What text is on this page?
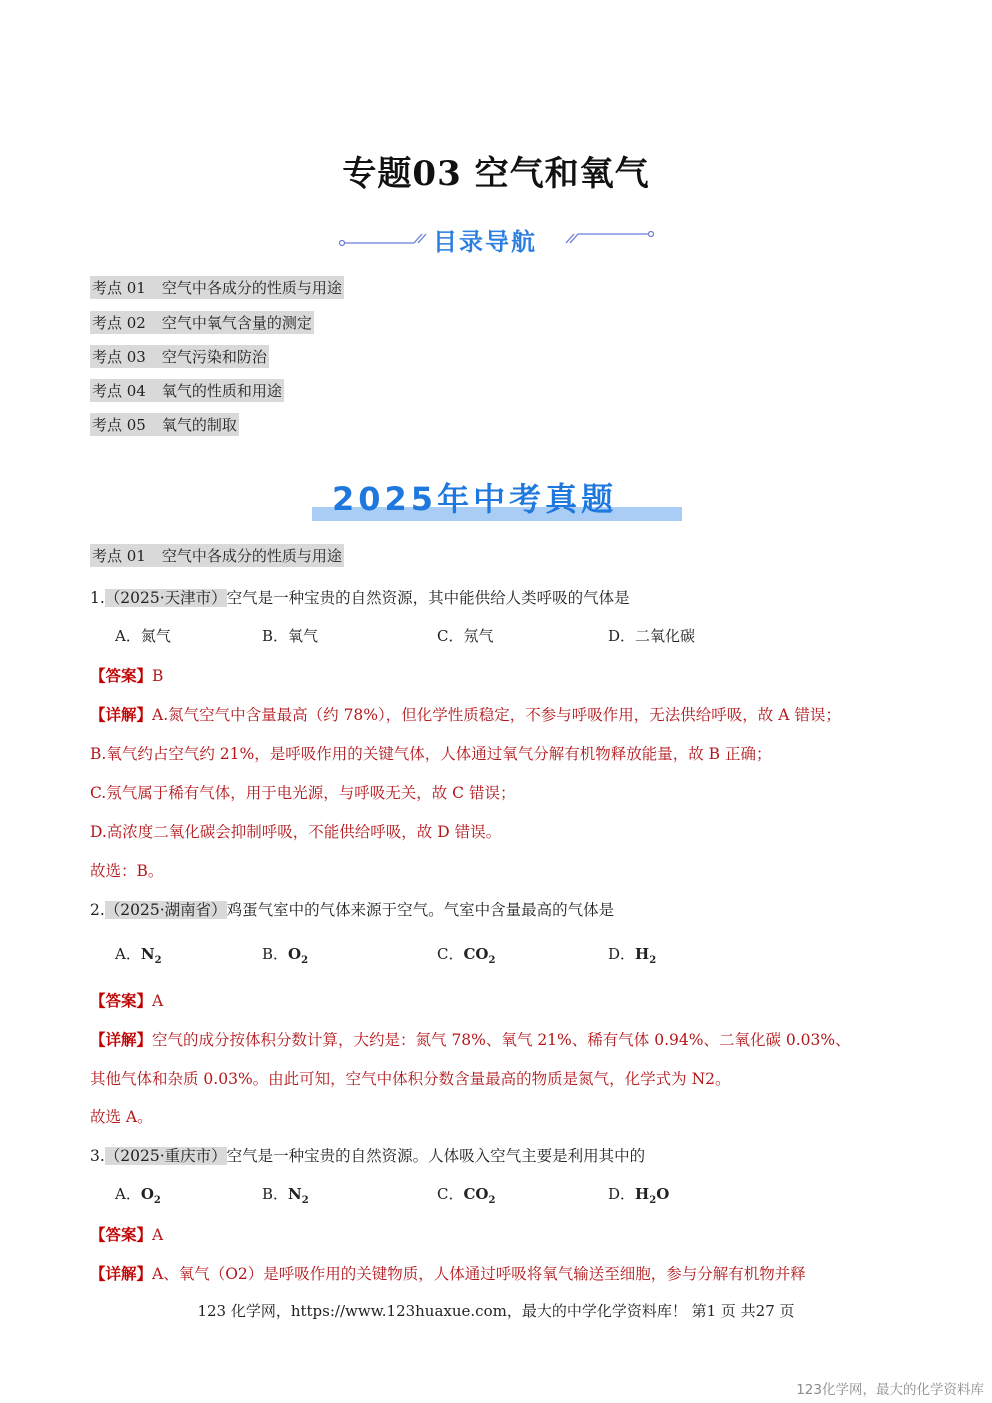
专题03 空气和氧气
目录导航
考点 01 空气中各成分的性质与用途
考点 02 空气中氧气含量的测定
考点 03 空气污染和防治
考点 04 氧气的性质和用途
考点 05 氧气的制取
2025年中考真题
考点 01 空气中各成分的性质与用途
1.（2025·天津市）空气是一种宝贵的自然资源，其中能供给人类呼吸的气体是
A．氮气	B．氧气	C．氖气	D．二氧化碳
【答案】B
【详解】A.氮气空气中含量最高（约 78%），但化学性质稳定，不参与呼吸作用，无法供给呼吸，故 A 错误；
B.氧气约占空气约 21%，是呼吸作用的关键气体，人体通过氧气分解有机物释放能量，故 B 正确；
C.氖气属于稀有气体，用于电光源，与呼吸无关，故 C 错误；
D.高浓度二氧化碳会抑制呼吸，不能供给呼吸，故 D 错误。
故选：B。
2.（2025·湖南省）鸡蛋气室中的气体来源于空气。气室中含量最高的气体是
A．$N_2$	B．$O_2$	C．$CO_2$	D．$H_2$
【答案】A
【详解】空气的成分按体积分数计算，大约是：氮气 78%、氧气 21%、稀有气体 0.94%、二氧化碳 0.03%、
其他气体和杂质 0.03%。由此可知，空气中体积分数含量最高的物质是氮气，化学式为 N2。
故选 A。
3.（2025·重庆市）空气是一种宝贵的自然资源。人体吸入空气主要是利用其中的
A．$O_2$	B．$N_2$	C．$CO_2$	D．$H_2O$
【答案】A
【详解】A、氧气（O2）是呼吸作用的关键物质，人体通过呼吸将氧气输送至细胞，参与分解有机物并释
123 化学网，https://www.123huaxue.com，最大的中学化学资料库！ 第1 页 共27 页
123化学网，最大的化学资料库
